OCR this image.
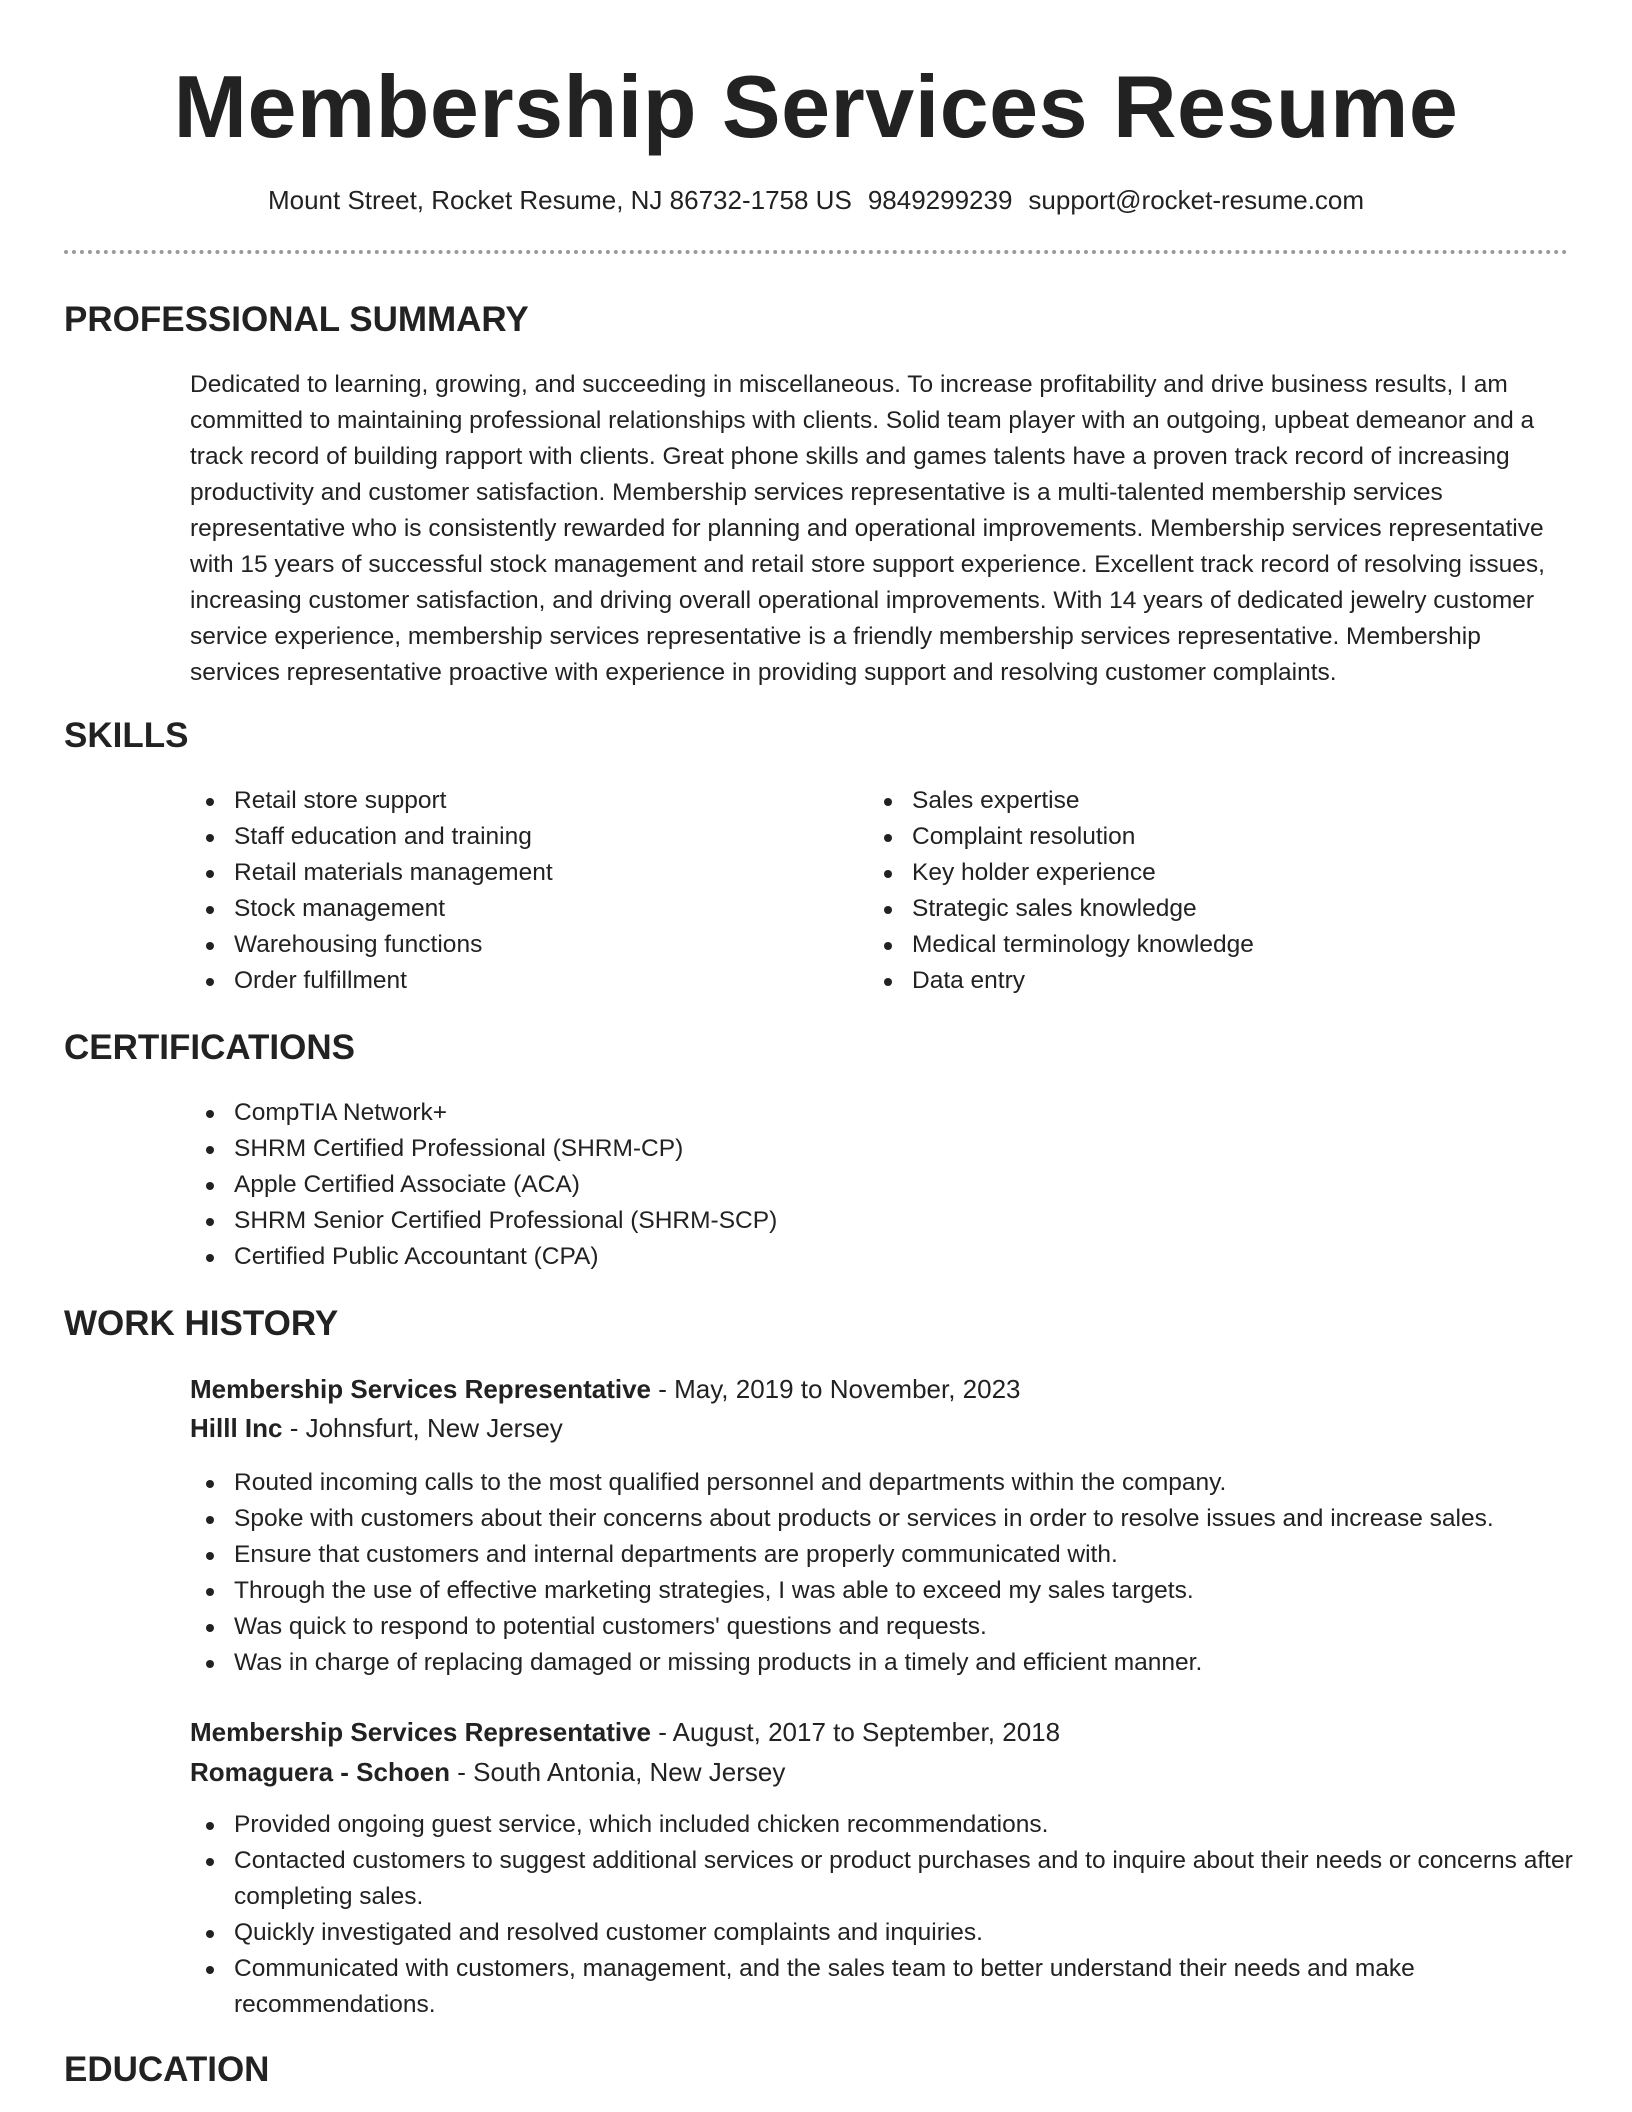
Membership Services Resume
Mount Street, Rocket Resume, NJ 86732-1758 US 9849299239 support@rocket-resume.com
PROFESSIONAL SUMMARY

Dedicated to learning, growing, and succeeding in miscellaneous. To increase profitability and drive business results, I am committed to maintaining professional relationships with clients. Solid team player with an outgoing, upbeat demeanor and a track record of building rapport with clients. Great phone skills and games talents have a proven track record of increasing productivity and customer satisfaction. Membership services representative is a multi-talented membership services representative who is consistently rewarded for planning and operational improvements. Membership services representative with 15 years of successful stock management and retail store support experience. Excellent track record of resolving issues, increasing customer satisfaction, and driving overall operational improvements. With 14 years of dedicated jewelry customer service experience, membership services representative is a friendly membership services representative. Membership services representative proactive with experience in providing support and resolving customer complaints.

SKILLS
Retail store support
Staff education and training
Retail materials management
Stock management
Warehousing functions
Order fulfillment
Sales expertise
Complaint resolution
Key holder experience
Strategic sales knowledge
Medical terminology knowledge
Data entry
CERTIFICATIONS
CompTIA Network+
SHRM Certified Professional (SHRM-CP)
Apple Certified Associate (ACA)
SHRM Senior Certified Professional (SHRM-SCP)
Certified Public Accountant (CPA)
WORK HISTORY
Membership Services Representative - May, 2019 to November, 2023
Hilll Inc - Johnsfurt, New Jersey
Routed incoming calls to the most qualified personnel and departments within the company.
Spoke with customers about their concerns about products or services in order to resolve issues and increase sales.
Ensure that customers and internal departments are properly communicated with.
Through the use of effective marketing strategies, I was able to exceed my sales targets.
Was quick to respond to potential customers' questions and requests.
Was in charge of replacing damaged or missing products in a timely and efficient manner.
Membership Services Representative - August, 2017 to September, 2018
Romaguera - Schoen - South Antonia, New Jersey
Provided ongoing guest service, which included chicken recommendations.
Contacted customers to suggest additional services or product purchases and to inquire about their needs or concerns after completing sales.
Quickly investigated and resolved customer complaints and inquiries.
Communicated with customers, management, and the sales team to better understand their needs and make recommendations.
EDUCATION
